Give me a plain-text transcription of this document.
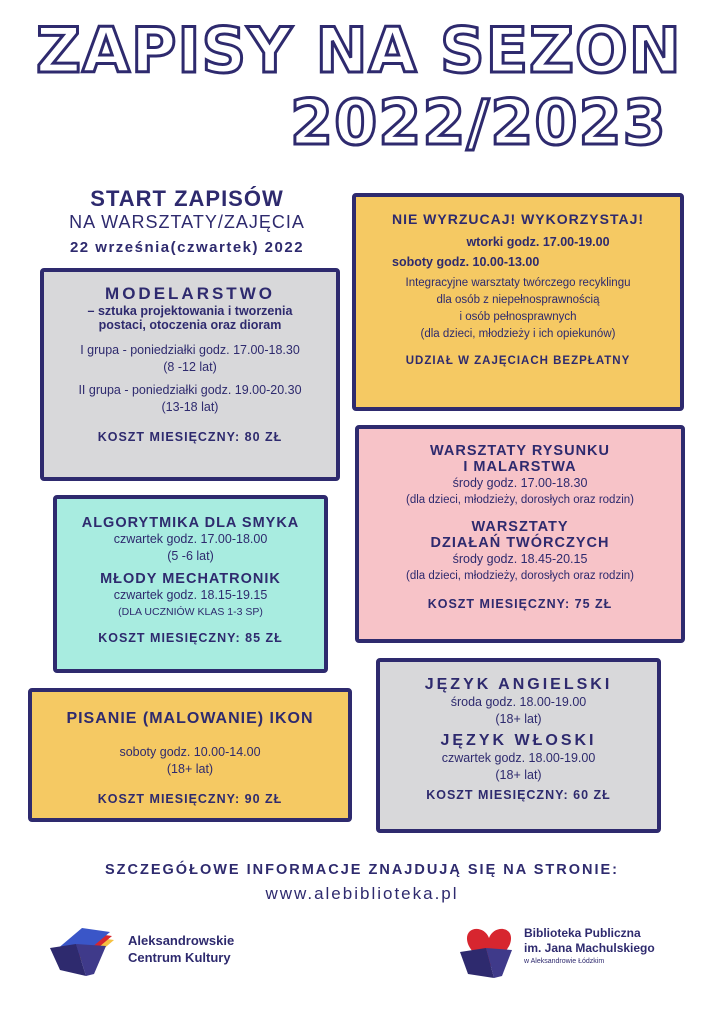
ZAPISY NA SEZON
2022/2023
START ZAPISÓW
NA WARSZTATY/ZAJĘCIA
22 września(czwartek) 2022
MODELARSTWO
– sztuka projektowania i tworzenia
postaci, otoczenia oraz dioram
I grupa - poniedziałki godz. 17.00-18.30
(8 -12 lat)
II grupa - poniedziałki godz. 19.00-20.30
(13-18 lat)
KOSZT MIESIĘCZNY: 80 ZŁ
NIE WYRZUCAJ! WYKORZYSTAJ!
wtorki godz. 17.00-19.00
soboty godz. 10.00-13.00
Integracyjne warsztaty twórczego recyklingu
dla osób z niepełnosprawnością
i osób pełnosprawnych
(dla dzieci, młodzieży i ich opiekunów)
UDZIAŁ W ZAJĘCIACH BEZPŁATNY
ALGORYTMIKA DLA SMYKA
czwartek godz. 17.00-18.00
(5 -6 lat)
MŁODY MECHATRONIK
czwartek godz. 18.15-19.15
(DLA UCZNIÓW KLAS 1-3 SP)
KOSZT MIESIĘCZNY: 85 ZŁ
WARSZTATY RYSUNKU
I MALARSTWA
środy godz. 17.00-18.30
(dla dzieci, młodzieży, dorosłych oraz rodzin)
WARSZTATY
DZIAŁAŃ TWÓRCZYCH
środy godz. 18.45-20.15
(dla dzieci, młodzieży, dorosłych oraz rodzin)
KOSZT MIESIĘCZNY: 75 ZŁ
PISANIE (MALOWANIE) IKON
soboty godz. 10.00-14.00
(18+ lat)
KOSZT MIESIĘCZNY: 90 ZŁ
JĘZYK ANGIELSKI
środa godz. 18.00-19.00
(18+ lat)
JĘZYK WŁOSKI
czwartek godz. 18.00-19.00
(18+ lat)
KOSZT MIESIĘCZNY: 60 ZŁ
SZCZEGÓŁOWE INFORMACJE ZNAJDUJĄ SIĘ NA STRONIE:
www.alebiblioteka.pl
Aleksandrowskie
Centrum Kultury
Biblioteka Publiczna
im. Jana Machulskiego
w Aleksandrowie Łódzkim
